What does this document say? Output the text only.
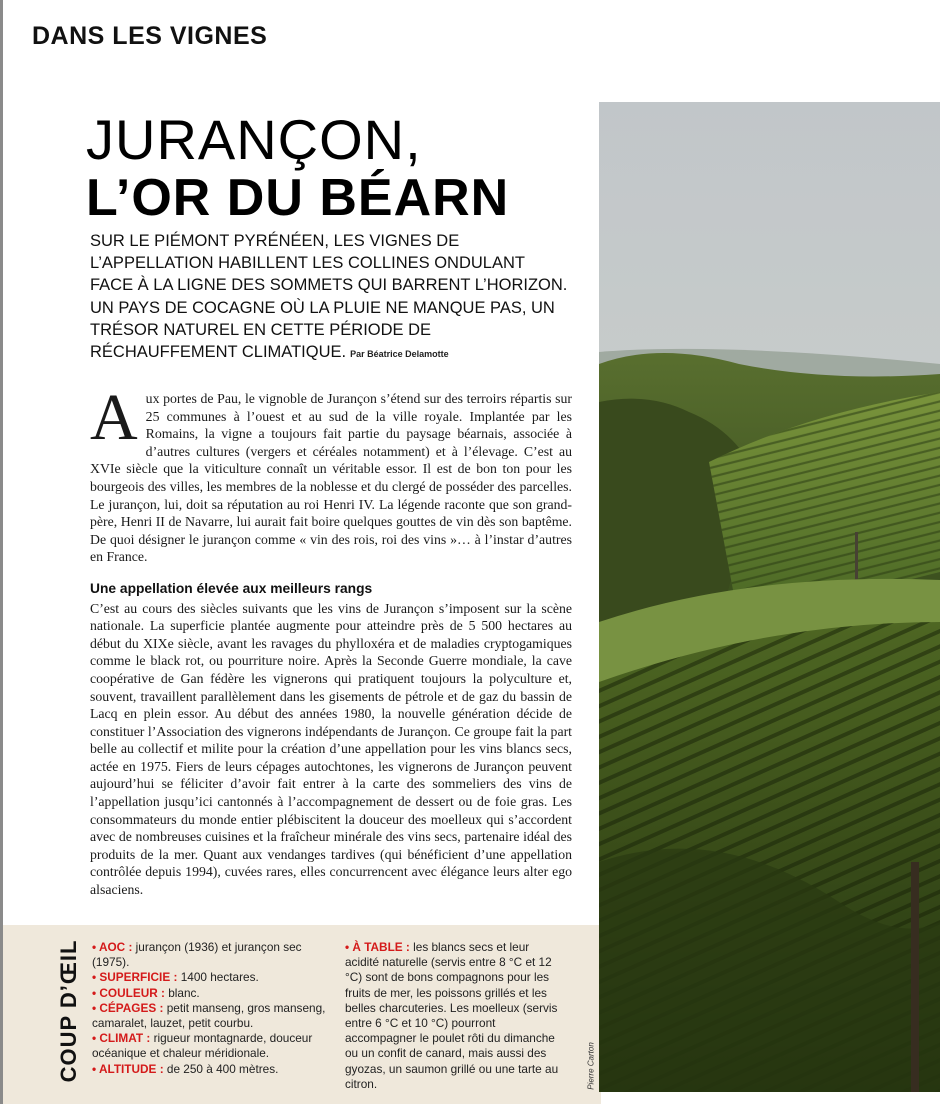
DANS LES VIGNES
JURANÇON,
L’OR DU BÉARN

SUR LE PIÉMONT PYRÉNÉEN, LES VIGNES DE L’APPELLATION HABILLENT LES COLLINES ONDULANT FACE À LA LIGNE DES SOMMETS QUI BARRENT L’HORIZON. UN PAYS DE COCAGNE OÙ LA PLUIE NE MANQUE PAS, UN TRÉSOR NATUREL EN CETTE PÉRIODE DE RÉCHAUFFEMENT CLIMATIQUE. Par Béatrice Delamotte

Aux portes de Pau, le vignoble de Jurançon s’étend sur des terroirs répartis sur 25 communes à l’ouest et au sud de la ville royale. Implantée par les Romains, la vigne a toujours fait partie du paysage béarnais, associée à d’autres cultures (vergers et céréales notamment) et à l’élevage. C’est au XVIe siècle que la viticulture connaît un véritable essor. Il est de bon ton pour les bourgeois des villes, les membres de la noblesse et du clergé de posséder des parcelles. Le jurançon, lui, doit sa réputation au roi Henri IV. La légende raconte que son grand-père, Henri II de Navarre, lui aurait fait boire quelques gouttes de vin dès son baptême. De quoi désigner le jurançon comme « vin des rois, roi des vins »… à l’instar d’autres en France.

Une appellation élevée aux meilleurs rangs

C’est au cours des siècles suivants que les vins de Jurançon s’imposent sur la scène nationale. La superficie plantée augmente pour atteindre près de 5 500 hectares au début du XIXe siècle, avant les ravages du phylloxéra et de maladies cryptogamiques comme le black rot, ou pourriture noire. Après la Seconde Guerre mondiale, la cave coopérative de Gan fédère les vignerons qui pratiquent toujours la polyculture et, souvent, travaillent parallèlement dans les gisements de pétrole et de gaz du bassin de Lacq en plein essor. Au début des années 1980, la nouvelle génération décide de constituer l’Association des vignerons indépendants de Jurançon. Ce groupe fait la part belle au collectif et milite pour la création d’une appellation pour les vins blancs secs, actée en 1975. Fiers de leurs cépages autochtones, les vignerons de Jurançon peuvent aujourd’hui se féliciter d’avoir fait entrer à la carte des sommeliers des vins de l’appellation jusqu’ici cantonnés à l’accompagnement de dessert ou de foie gras. Les consommateurs du monde entier plébiscitent la douceur des moelleux qui s’accordent avec de nombreuses cuisines et la fraîcheur minérale des vins secs, partenaire idéal des produits de la mer. Quant aux vendanges tardives (qui bénéficient d’une appellation contrôlée depuis 1994), cuvées rares, elles concurrencent avec élégance leurs alter ego alsaciens.

COUP D’ŒIL • AOC : jurançon (1936) et jurançon sec (1975).

• SUPERFICIE : 1400 hectares.

• COULEUR : blanc.

• CÉPAGES : petit manseng, gros manseng, camaralet, lauzet, petit courbu.

• CLIMAT : rigueur montagnarde, douceur océanique et chaleur méridionale.

• ALTITUDE : de 250 à 400 mètres.

• À TABLE : les blancs secs et leur acidité naturelle (servis entre 8 °C et 12 °C) sont de bons compagnons pour les fruits de mer, les poissons grillés et les belles charcuteries. Les moelleux (servis entre 6 °C et 10 °C) pourront accompagner le poulet rôti du dimanche ou un confit de canard, mais aussi des gyozas, un saumon grillé ou une tarte au citron.	Pierre Carton
